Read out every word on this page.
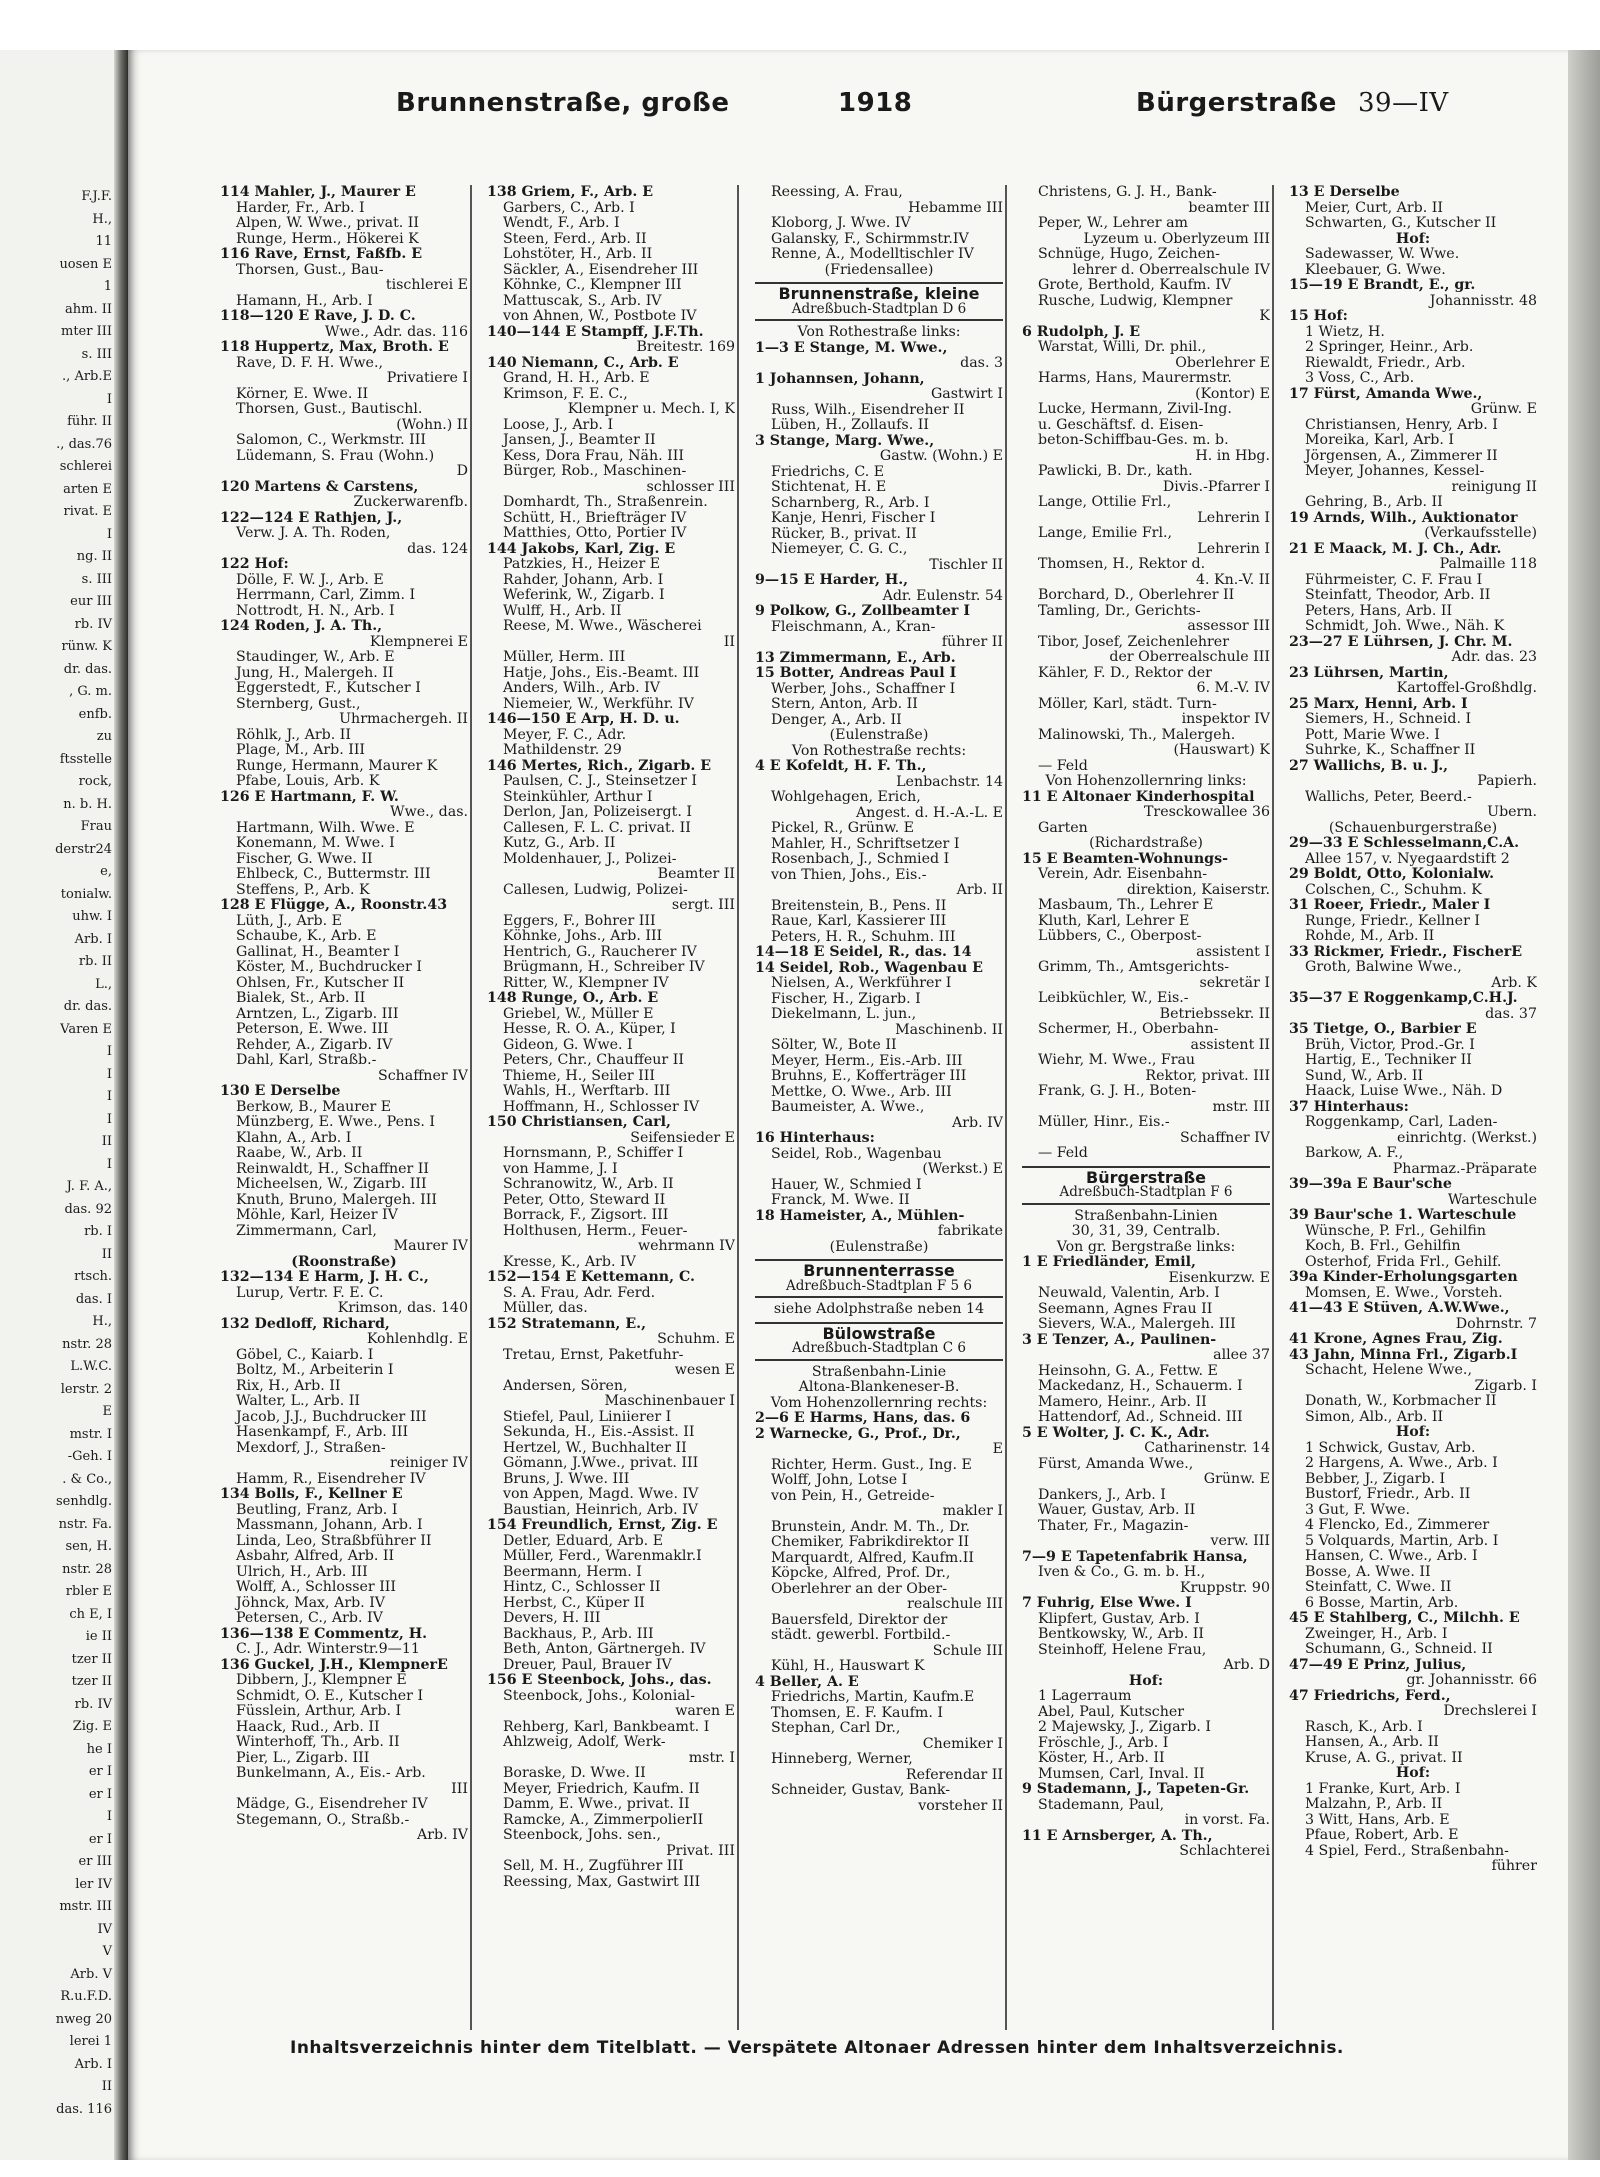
F.J.F.
H.,
11
uosen E
1
ahm. II
mter III
s. III
., Arb.E
I
führ. II
., das.76
schlerei
arten E
rivat. E
I
ng. II
s. III
eur III
rb. IV
rünw. K
dr. das.
, G. m.
enfb.
zu
ftsstelle
rock,
n. b. H.
Frau
derstr24
e,
tonialw.
uhw. I
Arb. I
rb. II
L.,
dr. das.
Varen E
I
I
I
I
II
I
J. F. A.,
das. 92
rb. I
II
rtsch.
das. I
H.,
nstr. 28
L.W.C.
lerstr. 2
E
mstr. I
-Geh. I
. & Co.,
senhdlg.
nstr. Fa.
sen, H.
nstr. 28
rbler E
ch E, I
ie II
tzer II
tzer II
rb. IV
Zig. E
he I
er I
er I
I
er I
er III
ler IV
mstr. III
IV
V
Arb. V
R.u.F.D.
nweg 20
lerei 1
Arb. I
II
das. 116
Brunnenstraße, große	1918	Bürgerstraße 39—IV
114 Mahler, J., Maurer E
Harder, Fr., Arb. I
Alpen, W. Wwe., privat. II
Runge, Herm., Hökerei K
116 Rave, Ernst, Faßfb. E
Thorsen, Gust., Bau-
tischlerei E
Hamann, H., Arb. I
118—120 E Rave, J. D. C.
Wwe., Adr. das. 116
118 Huppertz, Max, Broth. E
Rave, D. F. H. Wwe.,
Privatiere I
Körner, E. Wwe. II
Thorsen, Gust., Bautischl.
(Wohn.) II
Salomon, C., Werkmstr. III
Lüdemann, S. Frau (Wohn.)
D
120 Martens & Carstens,
Zuckerwarenfb.
122—124 E Rathjen, J.,
Verw. J. A. Th. Roden,
das. 124
122 Hof:
Dölle, F. W. J., Arb. E
Herrmann, Carl, Zimm. I
Nottrodt, H. N., Arb. I
124 Roden, J. A. Th.,
Klempnerei E
Staudinger, W., Arb. E
Jung, H., Malergeh. II
Eggerstedt, F., Kutscher I
Sternberg, Gust.,
Uhrmachergeh. II
Röhlk, J., Arb. II
Plage, M., Arb. III
Runge, Hermann, Maurer K
Pfabe, Louis, Arb. K
126 E Hartmann, F. W.
Wwe., das.
Hartmann, Wilh. Wwe. E
Konemann, M. Wwe. I
Fischer, G. Wwe. II
Ehlbeck, C., Buttermstr. III
Steffens, P., Arb. K
128 E Flügge, A., Roonstr.43
Lüth, J., Arb. E
Schaube, K., Arb. E
Gallinat, H., Beamter I
Köster, M., Buchdrucker I
Ohlsen, Fr., Kutscher II
Bialek, St., Arb. II
Arntzen, L., Zigarb. III
Peterson, E. Wwe. III
Rehder, A., Zigarb. IV
Dahl, Karl, Straßb.-
Schaffner IV
130 E Derselbe
Berkow, B., Maurer E
Münzberg, E. Wwe., Pens. I
Klahn, A., Arb. I
Raabe, W., Arb. II
Reinwaldt, H., Schaffner II
Micheelsen, W., Zigarb. III
Knuth, Bruno, Malergeh. III
Möhle, Karl, Heizer IV
Zimmermann, Carl,
Maurer IV
(Roonstraße)
132—134 E Harm, J. H. C.,
Lurup, Vertr. F. E. C.
Krimson, das. 140
132 Dedloff, Richard,
Kohlenhdlg. E
Göbel, C., Kaiarb. I
Boltz, M., Arbeiterin I
Rix, H., Arb. II
Walter, L., Arb. II
Jacob, J.J., Buchdrucker III
Hasenkampf, F., Arb. III
Mexdorf, J., Straßen-
reiniger IV
Hamm, R., Eisendreher IV
134 Bolls, F., Kellner E
Beutling, Franz, Arb. I
Massmann, Johann, Arb. I
Linda, Leo, Straßbführer II
Asbahr, Alfred, Arb. II
Ulrich, H., Arb. III
Wolff, A., Schlosser III
Jöhnck, Max, Arb. IV
Petersen, C., Arb. IV
136—138 E Commentz, H.
C. J., Adr. Winterstr.9—11
136 Guckel, J.H., KlempnerE
Dibbern, J., Klempner E
Schmidt, O. E., Kutscher I
Füsslein, Arthur, Arb. I
Haack, Rud., Arb. II
Winterhoff, Th., Arb. II
Pier, L., Zigarb. III
Bunkelmann, A., Eis.- Arb.
III
Mädge, G., Eisendreher IV
Stegemann, O., Straßb.-
Arb. IV
138 Griem, F., Arb. E
Garbers, C., Arb. I
Wendt, F., Arb. I
Steen, Ferd., Arb. II
Lohstöter, H., Arb. II
Säckler, A., Eisendreher III
Köhnke, C., Klempner III
Mattuscak, S., Arb. IV
von Ahnen, W., Postbote IV
140—144 E Stampff, J.F.Th.
Breitestr. 169
140 Niemann, C., Arb. E
Grand, H. H., Arb. E
Krimson, F. E. C.,
Klempner u. Mech. I, K
Loose, J., Arb. I
Jansen, J., Beamter II
Kess, Dora Frau, Näh. III
Bürger, Rob., Maschinen-
schlosser III
Domhardt, Th., Straßenrein.
Schütt, H., Briefträger IV
Matthies, Otto, Portier IV
144 Jakobs, Karl, Zig. E
Patzkies, H., Heizer E
Rahder, Johann, Arb. I
Weferink, W., Zigarb. I
Wulff, H., Arb. II
Reese, M. Wwe., Wäscherei
II
Müller, Herm. III
Hatje, Johs., Eis.-Beamt. III
Anders, Wilh., Arb. IV
Niemeier, W., Werkführ. IV
146—150 E Arp, H. D. u.
Meyer, F. C., Adr.
Mathildenstr. 29
146 Mertes, Rich., Zigarb. E
Paulsen, C. J., Steinsetzer I
Steinkühler, Arthur I
Derlon, Jan, Polizeisergt. I
Callesen, F. L. C. privat. II
Kutz, G., Arb. II
Moldenhauer, J., Polizei-
Beamter II
Callesen, Ludwig, Polizei-
sergt. III
Eggers, F., Bohrer III
Köhnke, Johs., Arb. III
Hentrich, G., Raucherer IV
Brügmann, H., Schreiber IV
Ritter, W., Klempner IV
148 Runge, O., Arb. E
Griebel, W., Müller E
Hesse, R. O. A., Küper, I
Gideon, G. Wwe. I
Peters, Chr., Chauffeur II
Thieme, H., Seiler III
Wahls, H., Werftarb. III
Hoffmann, H., Schlosser IV
150 Christiansen, Carl,
Seifensieder E
Hornsmann, P., Schiffer I
von Hamme, J. I
Schranowitz, W., Arb. II
Peter, Otto, Steward II
Borrack, F., Zigsort. III
Holthusen, Herm., Feuer-
wehrmann IV
Kresse, K., Arb. IV
152—154 E Kettemann, C.
S. A. Frau, Adr. Ferd.
Müller, das.
152 Stratemann, E.,
Schuhm. E
Tretau, Ernst, Paketfuhr-
wesen E
Andersen, Sören,
Maschinenbauer I
Stiefel, Paul, Liniierer I
Sekunda, H., Eis.-Assist. II
Hertzel, W., Buchhalter II
Gömann, J.Wwe., privat. III
Bruns, J. Wwe. III
von Appen, Magd. Wwe. IV
Baustian, Heinrich, Arb. IV
154 Freundlich, Ernst, Zig. E
Detler, Eduard, Arb. E
Müller, Ferd., Warenmaklr.I
Beermann, Herm. I
Hintz, C., Schlosser II
Herbst, C., Küper II
Devers, H. III
Backhaus, P., Arb. III
Beth, Anton, Gärtnergeh. IV
Dreuer, Paul, Brauer IV
156 E Steenbock, Johs., das.
Steenbock, Johs., Kolonial-
waren E
Rehberg, Karl, Bankbeamt. I
Ahlzweig, Adolf, Werk-
mstr. I
Boraske, D. Wwe. II
Meyer, Friedrich, Kaufm. II
Damm, E. Wwe., privat. II
Ramcke, A., ZimmerpolierII
Steenbock, Johs. sen.,
Privat. III
Sell, M. H., Zugführer III
Reessing, Max, Gastwirt III
Reessing, A. Frau,
Hebamme III
Kloborg, J. Wwe. IV
Galansky, F., Schirmmstr.IV
Renne, A., Modelltischler IV
(Friedensallee)
Brunnenstraße, kleine
Adreßbuch-Stadtplan D 6
Von Rothestraße links:
1—3 E Stange, M. Wwe.,
das. 3
1 Johannsen, Johann,
Gastwirt I
Russ, Wilh., Eisendreher II
Lüben, H., Zollaufs. II
3 Stange, Marg. Wwe.,
Gastw. (Wohn.) E
Friedrichs, C. E
Stichtenat, H. E
Scharnberg, R., Arb. I
Kanje, Henri, Fischer I
Rücker, B., privat. II
Niemeyer, C. G. C.,
Tischler II
9—15 E Harder, H.,
Adr. Eulenstr. 54
9 Polkow, G., Zollbeamter I
Fleischmann, A., Kran-
führer II
13 Zimmermann, E., Arb.
15 Botter, Andreas Paul I
Werber, Johs., Schaffner I
Stern, Anton, Arb. II
Denger, A., Arb. II
(Eulenstraße)
Von Rothestraße rechts:
4 E Kofeldt, H. F. Th.,
Lenbachstr. 14
Wohlgehagen, Erich,
Angest. d. H.-A.-L. E
Pickel, R., Grünw. E
Mahler, H., Schriftsetzer I
Rosenbach, J., Schmied I
von Thien, Johs., Eis.-
Arb. II
Breitenstein, B., Pens. II
Raue, Karl, Kassierer III
Peters, H. R., Schuhm. III
14—18 E Seidel, R., das. 14
14 Seidel, Rob., Wagenbau E
Nielsen, A., Werkführer I
Fischer, H., Zigarb. I
Diekelmann, L. jun.,
Maschinenb. II
Sölter, W., Bote II
Meyer, Herm., Eis.-Arb. III
Bruhns, E., Kofferträger III
Mettke, O. Wwe., Arb. III
Baumeister, A. Wwe.,
Arb. IV
16 Hinterhaus:
Seidel, Rob., Wagenbau
(Werkst.) E
Hauer, W., Schmied I
Franck, M. Wwe. II
18 Hameister, A., Mühlen-
fabrikate
(Eulenstraße)
Brunnenterrasse
Adreßbuch-Stadtplan F 5 6
siehe Adolphstraße neben 14
Bülowstraße
Adreßbuch-Stadtplan C 6
Straßenbahn-Linie
Altona-Blankeneser-B.
Vom Hohenzollernring rechts:
2—6 E Harms, Hans, das. 6
2 Warnecke, G., Prof., Dr.,
E
Richter, Herm. Gust., Ing. E
Wolff, John, Lotse I
von Pein, H., Getreide-
makler I
Brunstein, Andr. M. Th., Dr.
Chemiker, Fabrikdirektor II
Marquardt, Alfred, Kaufm.II
Köpcke, Alfred, Prof. Dr.,
Oberlehrer an der Ober-
realschule III
Bauersfeld, Direktor der
städt. gewerbl. Fortbild.-
Schule III
Kühl, H., Hauswart K
4 Beller, A. E
Friedrichs, Martin, Kaufm.E
Thomsen, E. F. Kaufm. I
Stephan, Carl Dr.,
Chemiker I
Hinneberg, Werner,
Referendar II
Schneider, Gustav, Bank-
vorsteher II
Christens, G. J. H., Bank-
beamter III
Peper, W., Lehrer am
Lyzeum u. Oberlyzeum III
Schnüge, Hugo, Zeichen-
lehrer d. Oberrealschule IV
Grote, Berthold, Kaufm. IV
Rusche, Ludwig, Klempner
K
6 Rudolph, J. E
Warstat, Willi, Dr. phil.,
Oberlehrer E
Harms, Hans, Maurermstr.
(Kontor) E
Lucke, Hermann, Zivil-Ing.
u. Geschäftsf. d. Eisen-
beton-Schiffbau-Ges. m. b.
H. in Hbg.
Pawlicki, B. Dr., kath.
Divis.-Pfarrer I
Lange, Ottilie Frl.,
Lehrerin I
Lange, Emilie Frl.,
Lehrerin I
Thomsen, H., Rektor d.
4. Kn.-V. II
Borchard, D., Oberlehrer II
Tamling, Dr., Gerichts-
assessor III
Tibor, Josef, Zeichenlehrer
der Oberrealschule III
Kähler, F. D., Rektor der
6. M.-V. IV
Möller, Karl, städt. Turn-
inspektor IV
Malinowski, Th., Malergeh.
(Hauswart) K
— Feld
Von Hohenzollernring links:
11 E Altonaer Kinderhospital
Tresckowallee 36
Garten
(Richardstraße)
15 E Beamten-Wohnungs-
Verein, Adr. Eisenbahn-
direktion, Kaiserstr.
Masbaum, Th., Lehrer E
Kluth, Karl, Lehrer E
Lübbers, C., Oberpost-
assistent I
Grimm, Th., Amtsgerichts-
sekretär I
Leibküchler, W., Eis.-
Betriebssekr. II
Schermer, H., Oberbahn-
assistent II
Wiehr, M. Wwe., Frau
Rektor, privat. III
Frank, G. J. H., Boten-
mstr. III
Müller, Hinr., Eis.-
Schaffner IV
— Feld
Bürgerstraße
Adreßbuch-Stadtplan F 6
Straßenbahn-Linien
30, 31, 39, Centralb.
Von gr. Bergstraße links:
1 E Friedländer, Emil,
Eisenkurzw. E
Neuwald, Valentin, Arb. I
Seemann, Agnes Frau II
Sievers, W.A., Malergeh. III
3 E Tenzer, A., Paulinen-
allee 37
Heinsohn, G. A., Fettw. E
Mackedanz, H., Schauerm. I
Mamero, Heinr., Arb. II
Hattendorf, Ad., Schneid. III
5 E Wolter, J. C. K., Adr.
Catharinenstr. 14
Fürst, Amanda Wwe.,
Grünw. E
Dankers, J., Arb. I
Wauer, Gustav, Arb. II
Thater, Fr., Magazin-
verw. III
7—9 E Tapetenfabrik Hansa,
Iven & Co., G. m. b. H.,
Kruppstr. 90
7 Fuhrig, Else Wwe. I
Klipfert, Gustav, Arb. I
Bentkowsky, W., Arb. II
Steinhoff, Helene Frau,
Arb. D
Hof:
1 Lagerraum
Abel, Paul, Kutscher
2 Majewsky, J., Zigarb. I
Fröschle, J., Arb. I
Köster, H., Arb. II
Mumsen, Carl, Inval. II
9 Stademann, J., Tapeten-Gr.
Stademann, Paul,
in vorst. Fa.
11 E Arnsberger, A. Th.,
Schlachterei
13 E Derselbe
Meier, Curt, Arb. II
Schwarten, G., Kutscher II
Hof:
Sadewasser, W. Wwe.
Kleebauer, G. Wwe.
15—19 E Brandt, E., gr.
Johannisstr. 48
15 Hof:
1 Wietz, H.
2 Springer, Heinr., Arb.
Riewaldt, Friedr., Arb.
3 Voss, C., Arb.
17 Fürst, Amanda Wwe.,
Grünw. E
Christiansen, Henry, Arb. I
Moreika, Karl, Arb. I
Jörgensen, A., Zimmerer II
Meyer, Johannes, Kessel-
reinigung II
Gehring, B., Arb. II
19 Arnds, Wilh., Auktionator
(Verkaufsstelle)
21 E Maack, M. J. Ch., Adr.
Palmaille 118
Führmeister, C. F. Frau I
Steinfatt, Theodor, Arb. II
Peters, Hans, Arb. II
Schmidt, Joh. Wwe., Näh. K
23—27 E Lührsen, J. Chr. M.
Adr. das. 23
23 Lührsen, Martin,
Kartoffel-Großhdlg.
25 Marx, Henni, Arb. I
Siemers, H., Schneid. I
Pott, Marie Wwe. I
Suhrke, K., Schaffner II
27 Wallichs, B. u. J.,
Papierh.
Wallichs, Peter, Beerd.-
Übern.
(Schauenburgerstraße)
29—33 E Schlesselmann,C.A.
Allee 157, v. Nyegaardstift 2
29 Boldt, Otto, Kolonialw.
Colschen, C., Schuhm. K
31 Roeer, Friedr., Maler I
Runge, Friedr., Kellner I
Rohde, M., Arb. II
33 Rickmer, Friedr., FischerE
Groth, Balwine Wwe.,
Arb. K
35—37 E Roggenkamp,C.H.J.
das. 37
35 Tietge, O., Barbier E
Brüh, Victor, Prod.-Gr. I
Hartig, E., Techniker II
Sund, W., Arb. II
Haack, Luise Wwe., Näh. D
37 Hinterhaus:
Roggenkamp, Carl, Laden-
einrichtg. (Werkst.)
Barkow, A. F.,
Pharmaz.-Präparate
39—39a E Baur'sche
Warteschule
39 Baur'sche 1. Warteschule
Wünsche, P. Frl., Gehilfin
Koch, B. Frl., Gehilfin
Osterhof, Frida Frl., Gehilf.
39a Kinder-Erholungsgarten
Momsen, E. Wwe., Vorsteh.
41—43 E Stüven, A.W.Wwe.,
Dohrnstr. 7
41 Krone, Agnes Frau, Zig.
43 Jahn, Minna Frl., Zigarb.I
Schacht, Helene Wwe.,
Zigarb. I
Donath, W., Korbmacher II
Simon, Alb., Arb. II
Hof:
1 Schwick, Gustav, Arb.
2 Hargens, A. Wwe., Arb. I
Bebber, J., Zigarb. I
Bustorf, Friedr., Arb. II
3 Gut, F. Wwe.
4 Flencko, Ed., Zimmerer
5 Volquards, Martin, Arb. I
Hansen, C. Wwe., Arb. I
Bosse, A. Wwe. II
Steinfatt, C. Wwe. II
6 Bosse, Martin, Arb.
45 E Stahlberg, C., Milchh. E
Zweinger, H., Arb. I
Schumann, G., Schneid. II
47—49 E Prinz, Julius,
gr. Johannisstr. 66
47 Friedrichs, Ferd.,
Drechslerei I
Rasch, K., Arb. I
Hansen, A., Arb. II
Kruse, A. G., privat. II
Hof:
1 Franke, Kurt, Arb. I
Malzahn, P., Arb. II
3 Witt, Hans, Arb. E
Pfaue, Robert, Arb. E
4 Spiel, Ferd., Straßenbahn-
führer
Inhaltsverzeichnis hinter dem Titelblatt. — Verspätete Altonaer Adressen hinter dem Inhaltsverzeichnis.
